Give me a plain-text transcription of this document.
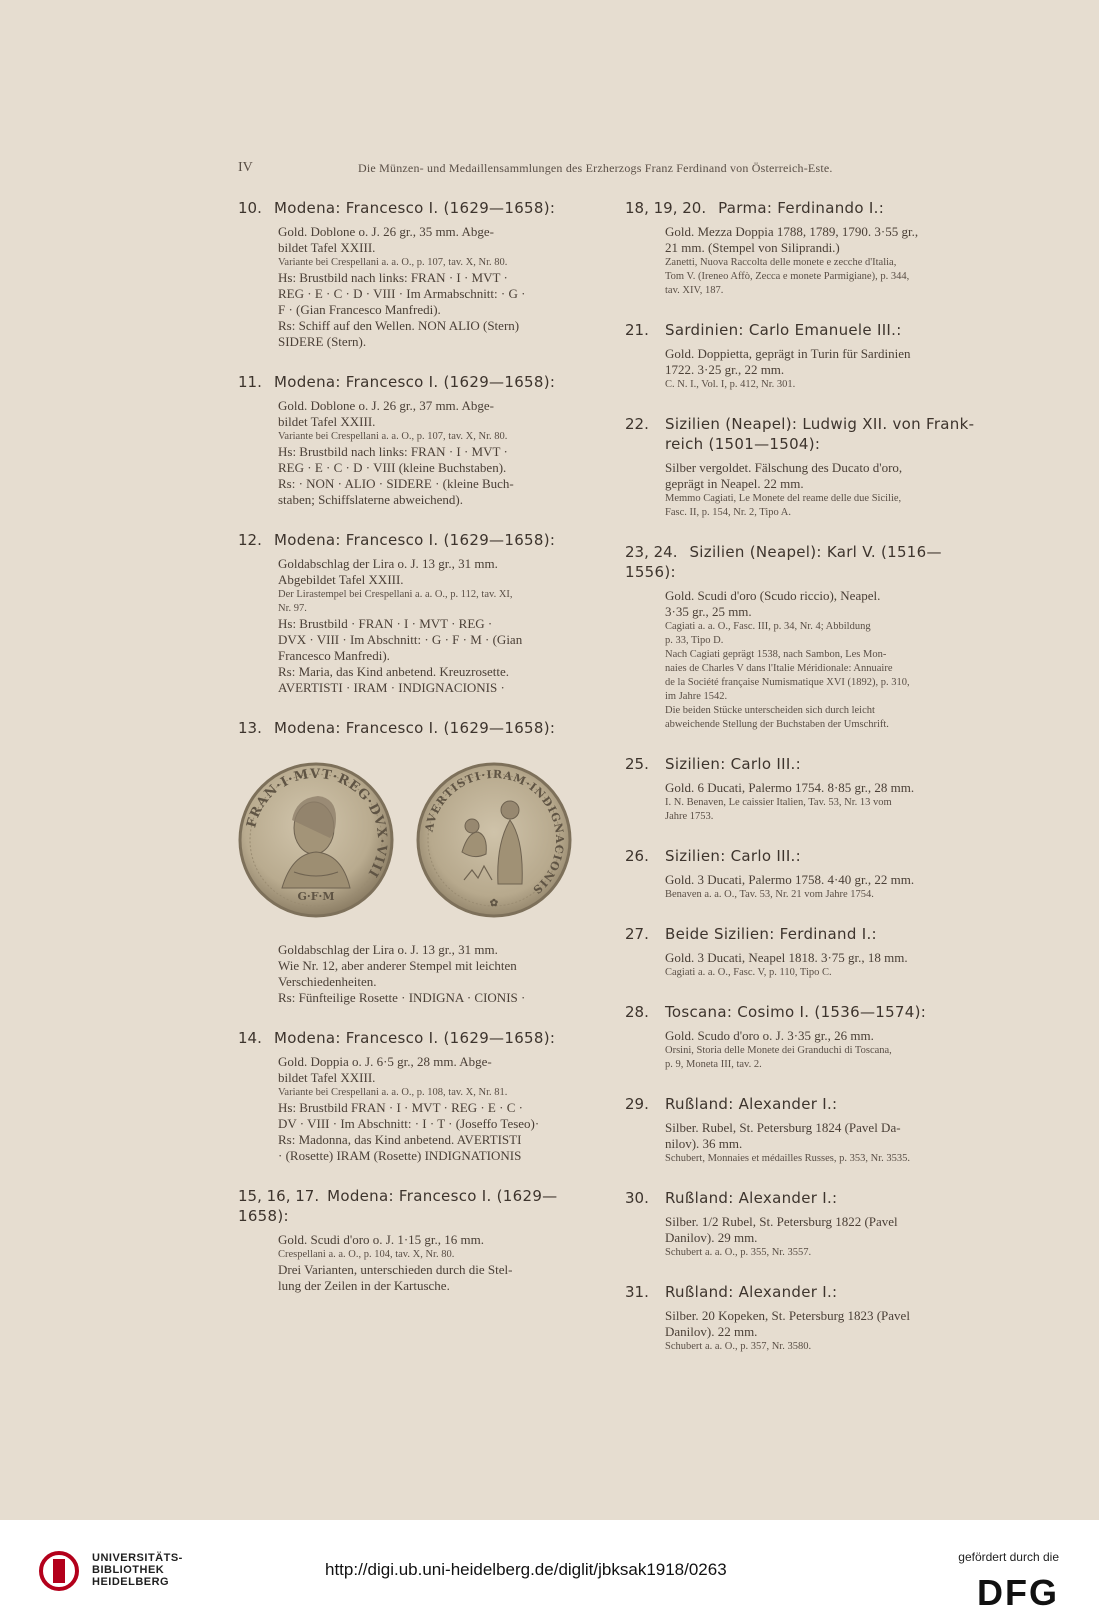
IV	Die Münzen- und Medaillensammlungen des Erzherzogs Franz Ferdinand von Österreich-Este.
10. Modena: Francesco I. (1629—1658):
Gold. Doblone o. J. 26 gr., 35 mm. Abge-
bildet Tafel XXIII.
Variante bei Crespellani a. a. O., p. 107, tav. X, Nr. 80.
Hs: Brustbild nach links: FRAN · I · MVT ·
REG · E · C · D · VIII · Im Armabschnitt: · G ·
F · (Gian Francesco Manfredi).
Rs: Schiff auf den Wellen. NON ALIO (Stern)
SIDERE (Stern).
11. Modena: Francesco I. (1629—1658):
Gold. Doblone o. J. 26 gr., 37 mm. Abge-
bildet Tafel XXIII.
Variante bei Crespellani a. a. O., p. 107, tav. X, Nr. 80.
Hs: Brustbild nach links: FRAN · I · MVT ·
REG · E · C · D · VIII (kleine Buchstaben).
Rs: · NON · ALIO · SIDERE · (kleine Buch-
staben; Schiffslaterne abweichend).
12. Modena: Francesco I. (1629—1658):
Goldabschlag der Lira o. J. 13 gr., 31 mm.
Abgebildet Tafel XXIII.
Der Lirastempel bei Crespellani a. a. O., p. 112, tav. XI,
Nr. 97.
Hs: Brustbild · FRAN · I · MVT · REG ·
DVX · VIII · Im Abschnitt: · G · F · M · (Gian
Francesco Manfredi).
Rs: Maria, das Kind anbetend. Kreuzrosette.
AVERTISTI · IRAM · INDIGNACIONIS ·
13. Modena: Francesco I. (1629—1658):
FRAN·I·MVT·REG·DVX·VIII
G·F·M
AVERTISTI·IRAM·INDIGNACIONIS
✿
Goldabschlag der Lira o. J. 13 gr., 31 mm.
Wie Nr. 12, aber anderer Stempel mit leichten
Verschiedenheiten.
Rs: Fünfteilige Rosette · INDIGNA · CIONIS ·
14. Modena: Francesco I. (1629—1658):
Gold. Doppia o. J. 6·5 gr., 28 mm. Abge-
bildet Tafel XXIII.
Variante bei Crespellani a. a. O., p. 108, tav. X, Nr. 81.
Hs: Brustbild FRAN · I · MVT · REG · E · C ·
DV · VIII · Im Abschnitt: · I · T · (Joseffo Teseo)·
Rs: Madonna, das Kind anbetend. AVERTISTI
· (Rosette) IRAM (Rosette) INDIGNATIONIS
15, 16, 17. Modena: Francesco I. (1629—1658):
Gold. Scudi d'oro o. J. 1·15 gr., 16 mm.
Crespellani a. a. O., p. 104, tav. X, Nr. 80.
Drei Varianten, unterschieden durch die Stel-
lung der Zeilen in der Kartusche.
18, 19, 20. Parma: Ferdinando I.:
Gold. Mezza Doppia 1788, 1789, 1790. 3·55 gr.,
21 mm. (Stempel von Siliprandi.)
Zanetti, Nuova Raccolta delle monete e zecche d'Italia,
Tom V. (Ireneo Affò, Zecca e monete Parmigiane), p. 344,
tav. XIV, 187.
21. Sardinien: Carlo Emanuele III.:
Gold. Doppietta, geprägt in Turin für Sardinien
1722. 3·25 gr., 22 mm.
C. N. I., Vol. I, p. 412, Nr. 301.
22. Sizilien (Neapel): Ludwig XII. von Frank-
reich (1501—1504):
Silber vergoldet. Fälschung des Ducato d'oro,
geprägt in Neapel. 22 mm.
Memmo Cagiati, Le Monete del reame delle due Sicilie,
Fasc. II, p. 154, Nr. 2, Tipo A.
23, 24. Sizilien (Neapel): Karl V. (1516—1556):
Gold. Scudi d'oro (Scudo riccio), Neapel.
3·35 gr., 25 mm.
Cagiati a. a. O., Fasc. III, p. 34, Nr. 4; Abbildung
p. 33, Tipo D.
Nach Cagiati geprägt 1538, nach Sambon, Les Mon-
naies de Charles V dans l'Italie Méridionale: Annuaire
de la Société française Numismatique XVI (1892), p. 310,
im Jahre 1542.
Die beiden Stücke unterscheiden sich durch leicht
abweichende Stellung der Buchstaben der Umschrift.
25. Sizilien: Carlo III.:
Gold. 6 Ducati, Palermo 1754. 8·85 gr., 28 mm.
I. N. Benaven, Le caissier Italien, Tav. 53, Nr. 13 vom
Jahre 1753.
26. Sizilien: Carlo III.:
Gold. 3 Ducati, Palermo 1758. 4·40 gr., 22 mm.
Benaven a. a. O., Tav. 53, Nr. 21 vom Jahre 1754.
27. Beide Sizilien: Ferdinand I.:
Gold. 3 Ducati, Neapel 1818. 3·75 gr., 18 mm.
Cagiati a. a. O., Fasc. V, p. 110, Tipo C.
28. Toscana: Cosimo I. (1536—1574):
Gold. Scudo d'oro o. J. 3·35 gr., 26 mm.
Orsini, Storia delle Monete dei Granduchi di Toscana,
p. 9, Moneta III, tav. 2.
29. Rußland: Alexander I.:
Silber. Rubel, St. Petersburg 1824 (Pavel Da-
nilov). 36 mm.
Schubert, Monnaies et médailles Russes, p. 353, Nr. 3535.
30. Rußland: Alexander I.:
Silber. 1/2 Rubel, St. Petersburg 1822 (Pavel
Danilov). 29 mm.
Schubert a. a. O., p. 355, Nr. 3557.
31. Rußland: Alexander I.:
Silber. 20 Kopeken, St. Petersburg 1823 (Pavel
Danilov). 22 mm.
Schubert a. a. O., p. 357, Nr. 3580.
UNIVERSITÄTS-
BIBLIOTHEK
HEIDELBERG
http://digi.ub.uni-heidelberg.de/diglit/jbksak1918/0263
gefördert durch die
DFG
